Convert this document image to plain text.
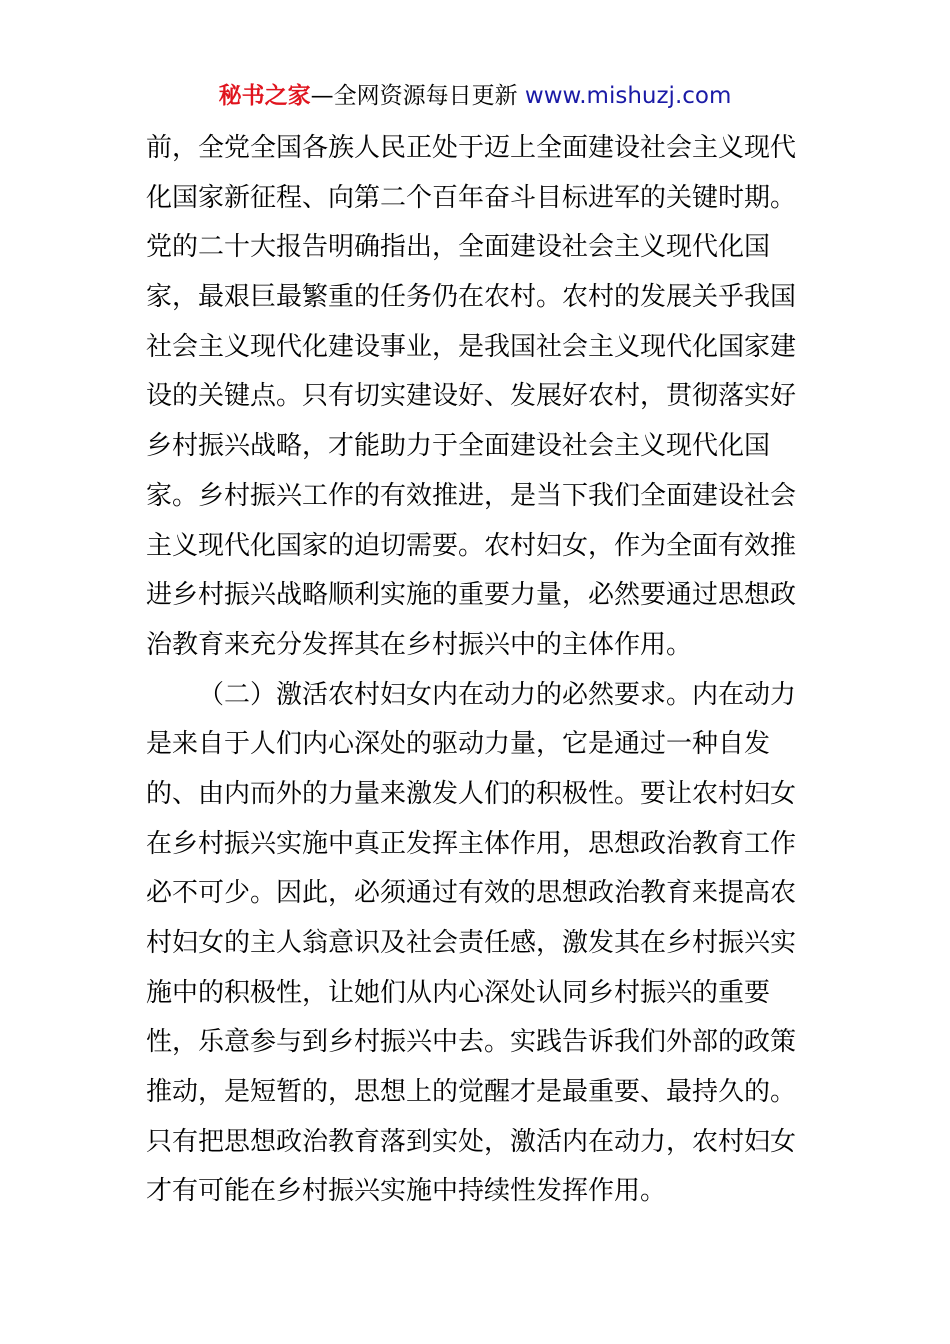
秘书之家—全网资源每日更新 www.mishuzj.com
前，全党全国各族人民正处于迈上全面建设社会主义现代
化国家新征程、向第二个百年奋斗目标进军的关键时期。
党的二十大报告明确指出，全面建设社会主义现代化国
家，最艰巨最繁重的任务仍在农村。农村的发展关乎我国
社会主义现代化建设事业，是我国社会主义现代化国家建
设的关键点。只有切实建设好、发展好农村，贯彻落实好
乡村振兴战略，才能助力于全面建设社会主义现代化国
家。乡村振兴工作的有效推进，是当下我们全面建设社会
主义现代化国家的迫切需要。农村妇女，作为全面有效推
进乡村振兴战略顺利实施的重要力量，必然要通过思想政
治教育来充分发挥其在乡村振兴中的主体作用。
（二）激活农村妇女内在动力的必然要求。内在动力
是来自于人们内心深处的驱动力量，它是通过一种自发
的、由内而外的力量来激发人们的积极性。要让农村妇女
在乡村振兴实施中真正发挥主体作用，思想政治教育工作
必不可少。因此，必须通过有效的思想政治教育来提高农
村妇女的主人翁意识及社会责任感，激发其在乡村振兴实
施中的积极性，让她们从内心深处认同乡村振兴的重要
性，乐意参与到乡村振兴中去。实践告诉我们外部的政策
推动，是短暂的，思想上的觉醒才是最重要、最持久的。
只有把思想政治教育落到实处，激活内在动力，农村妇女
才有可能在乡村振兴实施中持续性发挥作用。
